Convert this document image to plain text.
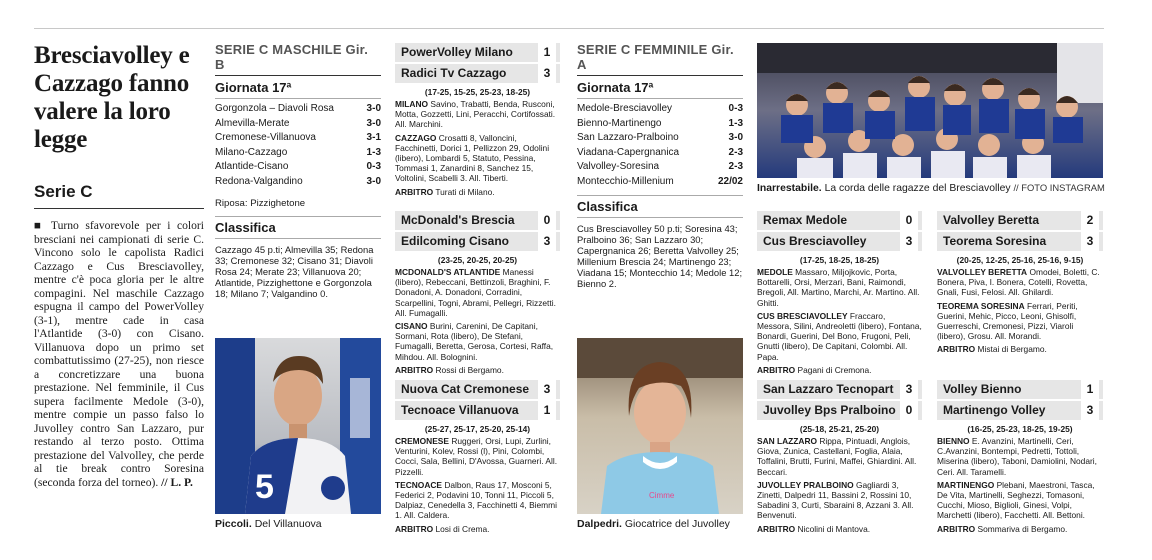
Bresciavolley e Cazzago fanno valere la loro legge
Serie C
■ Turno sfavorevole per i colori bresciani nei campionati di serie C. Vincono solo le capolista Radici Cazzago e Cus Bresciavolley, mentre c'è poca gloria per le altre compagini. Nel maschile Cazzago espugna il campo del PowerVolley (3-1), mentre cade in casa l'Atlantide (3-0) con Cisano. Villanuova dopo un primo set combattutissimo (27-25), non riesce a concretizzare una buona prestazione. Nel femminile, il Cus supera facilmente Medole (3-0), mentre compie un passo falso lo Juvolley contro San Lazzaro, pur restando al terzo posto. Ottima prestazione del Valvolley, che perde al tie break contro Soresina (seconda forza del torneo). // L. P.
SERIE C MASCHILE Gir. B
Giornata 17ª
Gorgonzola – Diavoli Rosa	3-0
Almevilla-Merate	3-0
Cremonese-Villanuova	3-1
Milano-Cazzago	1-3
Atlantide-Cisano	0-3
Redona-Valgandino	3-0
Riposa: Pizzighetone
Classifica
Cazzago 45 p.ti; Almevilla 35; Redona 33; Cremonese 32; Cisano 31; Diavoli Rosa 24; Merate 23; Villanuova 20; Atlantide, Pizzighettone e Gorgonzola 18; Milano 7; Valgandino 0.
5
Piccoli. Del Villanuova
PowerVolley Milano	1
Radici Tv Cazzago	3
(17-25, 15-25, 25-23, 18-25)
MILANO Savino, Trabatti, Benda, Rusconi, Motta, Gozzetti, Lini, Peracchi, Cortifossati. All. Marchini.
CAZZAGO Crosatti 8, Valloncini, Facchinetti, Dorici 1, Pellizzon 29, Odolini (libero), Lombardi 5, Statuto, Pessina, Tommasi 1, Zanardini 8, Sanchez 15, Voltolini, Scabelli 3. All. Tiberti.
ARBITRO Turati di Milano.
McDonald's Brescia	0
Edilcoming Cisano	3
(23-25, 20-25, 20-25)
MCDONALD'S ATLANTIDE Manessi (libero), Rebeccani, Bettinzoli, Braghini, F. Donadoni, A. Donadoni, Corradini, Scarpellini, Togni, Abrami, Pellegri, Rizzetti. All. Fumagalli.
CISANO Burini, Carenini, De Capitani, Sormani, Rota (libero), De Stefani, Fumagalli, Beretta, Gerosa, Cortesi, Raffa, Mihdou. All. Bolognini.
ARBITRO Rossi di Bergamo.
Nuova Cat Cremonese	3
Tecnoace Villanuova	1
(25-27, 25-17, 25-20, 25-14)
CREMONESE Ruggeri, Orsi, Lupi, Zurlini, Venturini, Kolev, Rossi (l), Pini, Colombi, Cocci, Sala, Bellini, D'Avossa, Guarneri. All. Pizzelli.
TECNOACE Dalbon, Raus 17, Mosconi 5, Federici 2, Podavini 10, Tonni 11, Piccoli 5, Dalpiaz, Cenedella 3, Facchinetti 4, Biemmi 1. All. Caldera.
ARBITRO Losi di Crema.
SERIE C FEMMINILE Gir. A
Giornata 17ª
Medole-Bresciavolley	0-3
Bienno-Martinengo	1-3
San Lazzaro-Pralboino	3-0
Viadana-Capergnanica	2-3
Valvolley-Soresina	2-3
Montecchio-Millenium	22/02
Classifica
Cus Bresciavolley 50 p.ti; Soresina 43; Pralboino 36; San Lazzaro 30; Capergnanica 26; Beretta Valvolley 25; Millenium Brescia 24; Martinengo 23; Viadana 15; Montecchio 14; Medole 12; Bienno 2.
Cimme
Dalpedri. Giocatrice del Juvolley
Inarrestabile. La corda delle ragazze del Bresciavolley // FOTO INSTAGRAM
Remax Medole	0
Cus Bresciavolley	3
(17-25, 18-25, 18-25)
MEDOLE Massaro, Miljojkovic, Porta, Bottarelli, Orsi, Merzari, Bani, Raimondi, Bregoli, All. Martino, Marchi, Ar. Martino. All. Ghitti.
CUS BRESCIAVOLLEY Fraccaro, Messora, Silini, Andreoletti (libero), Fontana, Bonardi, Guerini, Del Bono, Frugoni, Peli, Gnutti (libero), De Capitani, Colombi. All. Papa.
ARBITRO Pagani di Cremona.
San Lazzaro Tecnopart	3
Juvolley Bps Pralboino 0
(25-18, 25-21, 25-20)
SAN LAZZARO Rippa, Pintuadi, Anglois, Giova, Zunica, Castellani, Foglia, Alaia, Toffalini, Brutti, Furini, Maffei, Ghiardini. All. Beccari.
JUVOLLEY PRALBOINO Gagliardi 3, Zinetti, Dalpedri 11, Bassini 2, Rossini 10, Sabadini 3, Curti, Sbaraini 8, Azzani 3. All. Benvenuti.
ARBITRO Nicolini di Mantova.
Valvolley Beretta	2
Teorema Soresina	3
(20-25, 12-25, 25-16, 25-16, 9-15)
VALVOLLEY BERETTA Omodei, Boletti, C. Bonera, Piva, I. Bonera, Cotelli, Rovetta, Gnali, Fusi, Felosi. All. Ghilardi.
TEOREMA SORESINA Ferrari, Periti, Guerini, Mehic, Picco, Leoni, Ghisolfi, Guerreschi, Cremonesi, Pizzi, Viaroli (libero), Grosu. All. Morandi.
ARBITRO Mistai di Bergamo.
Volley Bienno	1
Martinengo Volley	3
(16-25, 25-23, 18-25, 19-25)
BIENNO E. Avanzini, Martinelli, Ceri, C.Avanzini, Bontempi, Pedretti, Tottoli, Miserina (libero), Taboni, Damiolini, Nodari, Ceri. All. Taramelli.
MARTINENGO Plebani, Maestroni, Tasca, De Vita, Martinelli, Seghezzi, Tomasoni, Cucchi, Mioso, Biglioli, Ginesi, Volpi, Marchetti (libero), Facchetti. All. Bettoni.
ARBITRO Sommariva di Bergamo.
